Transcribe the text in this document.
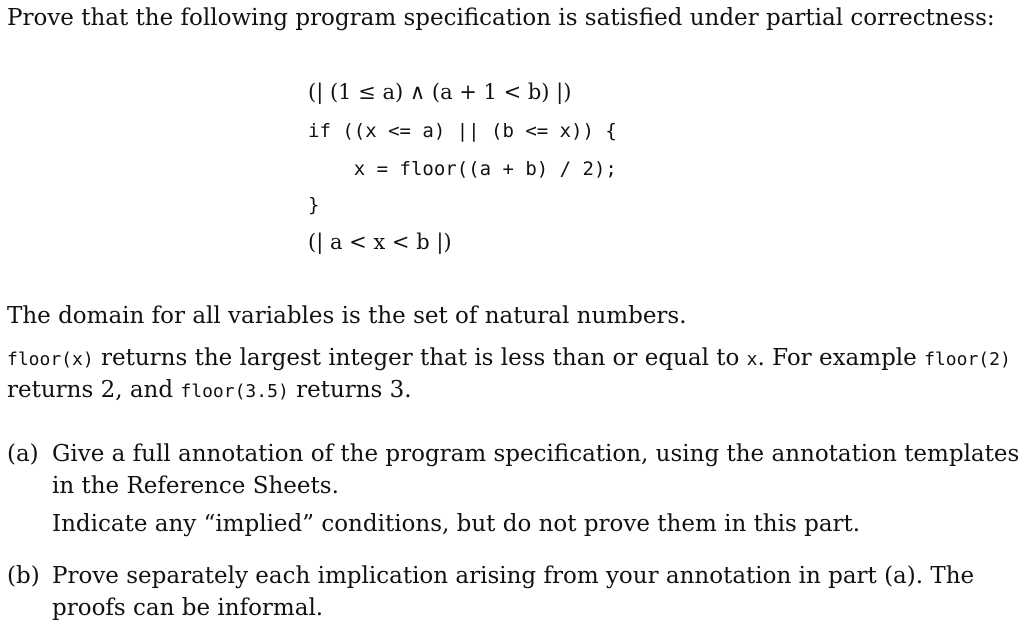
Prove that the following program specification is satisfied under partial correctness:
(| (1 ≤ a) ∧ (a + 1 < b) |)
if ((x <= a) || (b <= x)) {
x = floor((a + b) / 2);
}
(| a < x < b |)
The domain for all variables is the set of natural numbers.
floor(x) returns the largest integer that is less than or equal to x. For example floor(2)
returns 2, and floor(3.5) returns 3.
(a) Give a full annotation of the program specification, using the annotation templates
in the Reference Sheets.
Indicate any “implied” conditions, but do not prove them in this part.
(b) Prove separately each implication arising from your annotation in part (a). The
proofs can be informal.
